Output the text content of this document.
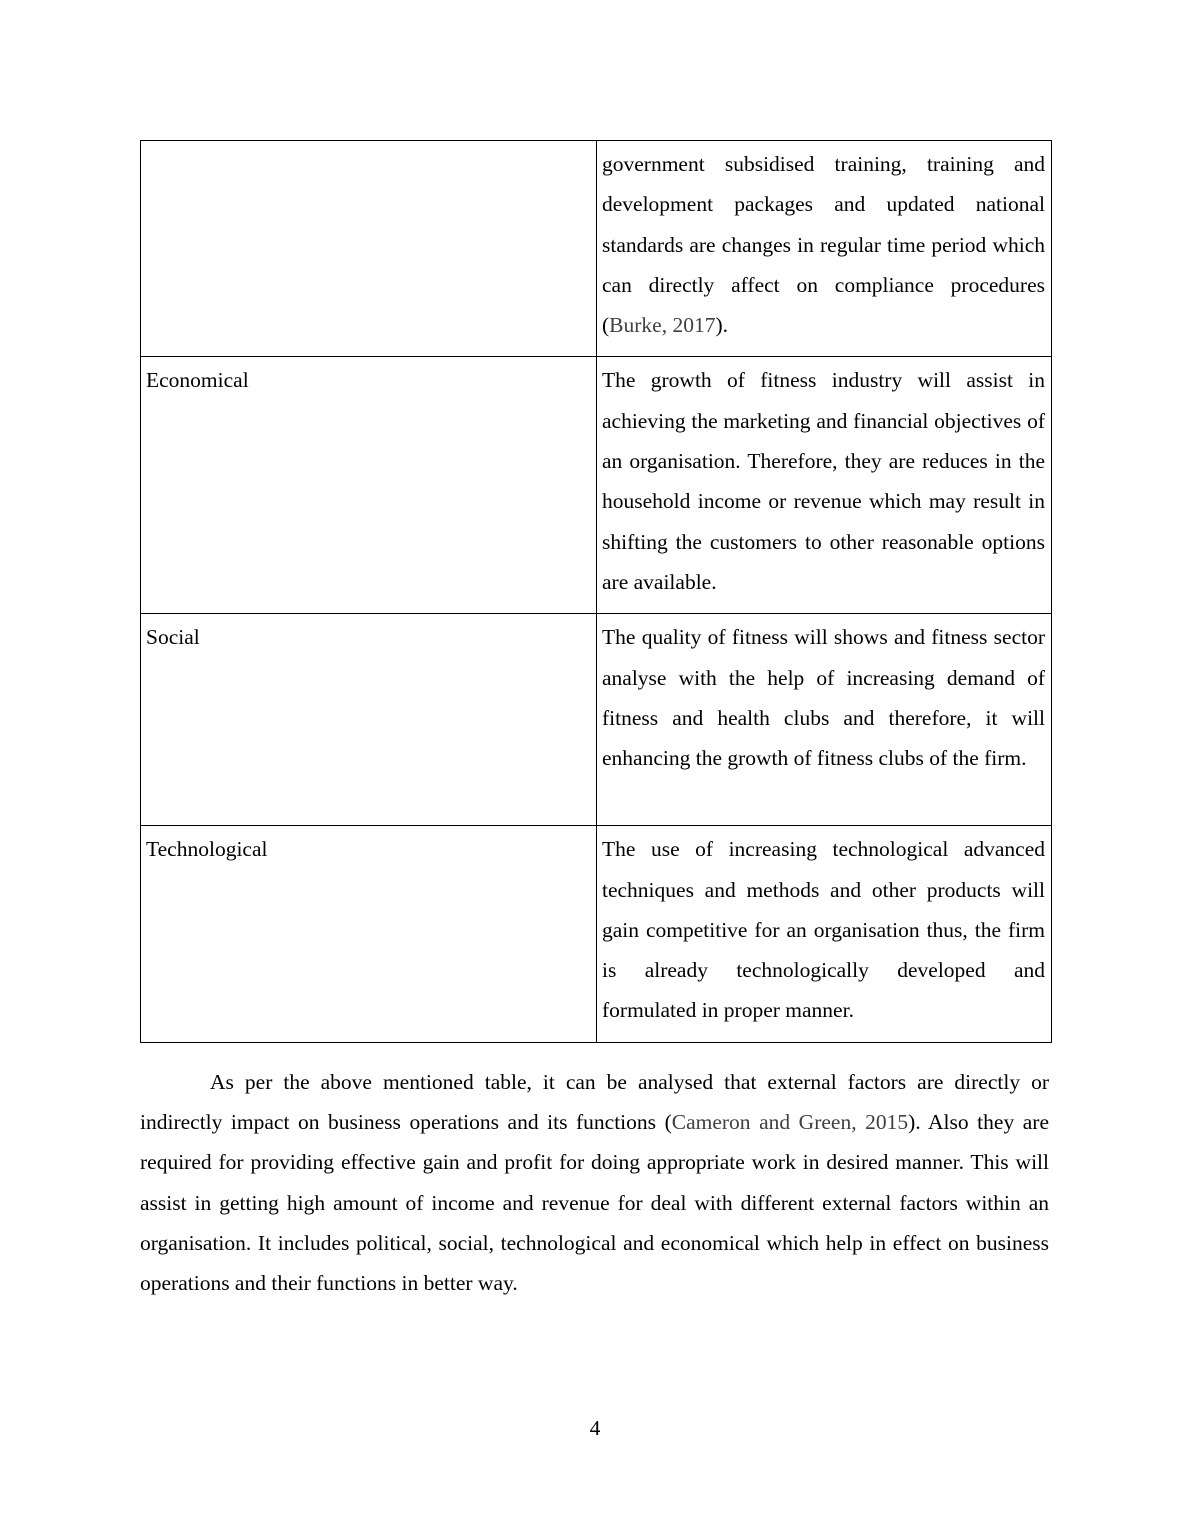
	government subsidised training, training and development packages and updated national standards are changes in regular time period which can directly affect on compliance procedures (Burke, 2017).
Economical	The growth of fitness industry will assist in achieving the marketing and financial objectives of an organisation. Therefore, they are reduces in the household income or revenue which may result in shifting the customers to other reasonable options are available.
Social	The quality of fitness will shows and fitness sector analyse with the help of increasing demand of fitness and health clubs and therefore, it will enhancing the growth of fitness clubs of the firm.
Technological	The use of increasing technological advanced techniques and methods and other products will gain competitive for an organisation thus, the firm is already technologically developed and formulated in proper manner.

As per the above mentioned table, it can be analysed that external factors are directly or indirectly impact on business operations and its functions (Cameron and Green, 2015). Also they are required for providing effective gain and profit for doing appropriate work in desired manner. This will assist in getting high amount of income and revenue for deal with different external factors within an organisation. It includes political, social, technological and economical which help in effect on business operations and their functions in better way.

4
